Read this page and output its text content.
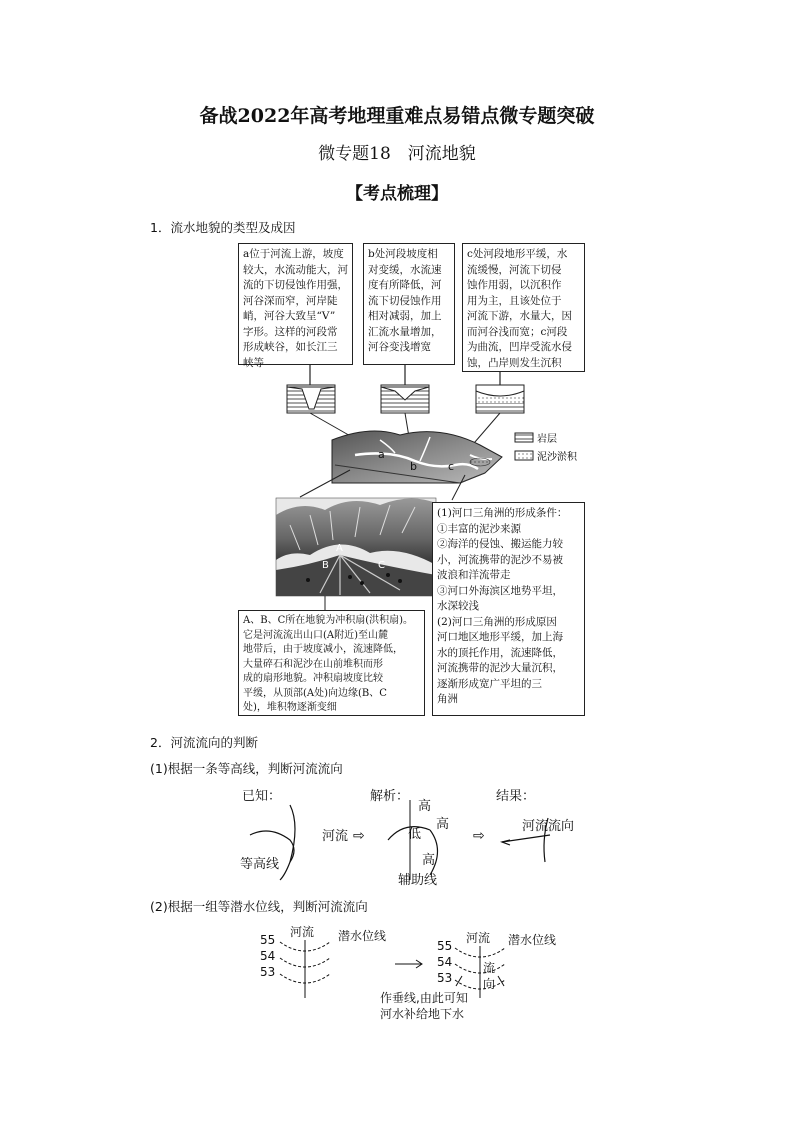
备战2022年高考地理重难点易错点微专题突破
微专题18　河流地貌
【考点梳理】
1．流水地貌的类型及成因
a位于河流上游，坡度
较大，水流动能大，河
流的下切侵蚀作用强，
河谷深而窄，河岸陡
峭，河谷大致呈“V”
字形。这样的河段常
形成峡谷，如长江三
峡等
b处河段坡度相
对变缓，水流速
度有所降低，河
流下切侵蚀作用
相对减弱，加上
汇流水量增加，
河谷变浅增宽
c处河段地形平缓，水
流缓慢，河流下切侵
蚀作用弱，以沉积作
用为主，且该处位于
河流下游，水量大，因
而河谷浅而宽；c河段
为曲流，凹岸受流水侵
蚀，凸岸则发生沉积
a
b	c
岩层
泥沙淤积
A
B	C
(1)河口三角洲的形成条件：
①丰富的泥沙来源
②海洋的侵蚀、搬运能力较
小，河流携带的泥沙不易被
波浪和洋流带走
③河口外海滨区地势平坦，
水深较浅
(2)河口三角洲的形成原因
河口地区地形平缓，加上海
水的顶托作用，流速降低，
河流携带的泥沙大量沉积，
逐渐形成宽广平坦的三
角洲
A、B、C所在地貌为冲积扇(洪积扇)。
它是河流流出山口(A附近)至山麓
地带后，由于坡度减小，流速降低，
大量碎石和泥沙在山前堆积而形
成的扇形地貌。冲积扇坡度比较
平缓，从顶部(A处)向边缘(B、C
处)，堆积物逐渐变细
2．河流流向的判断
(1)根据一条等高线，判断河流流向
已知：	解析：	结果：
河流
等高线
⇨
高
低
高
高
辅助线
⇨
河流流向
(2)根据一组等潜水位线，判断河流流向
55
54
53
河流 潜水位线
55
54
53
河流 潜水位线
流
向
作垂线,由此可知
河水补给地下水
